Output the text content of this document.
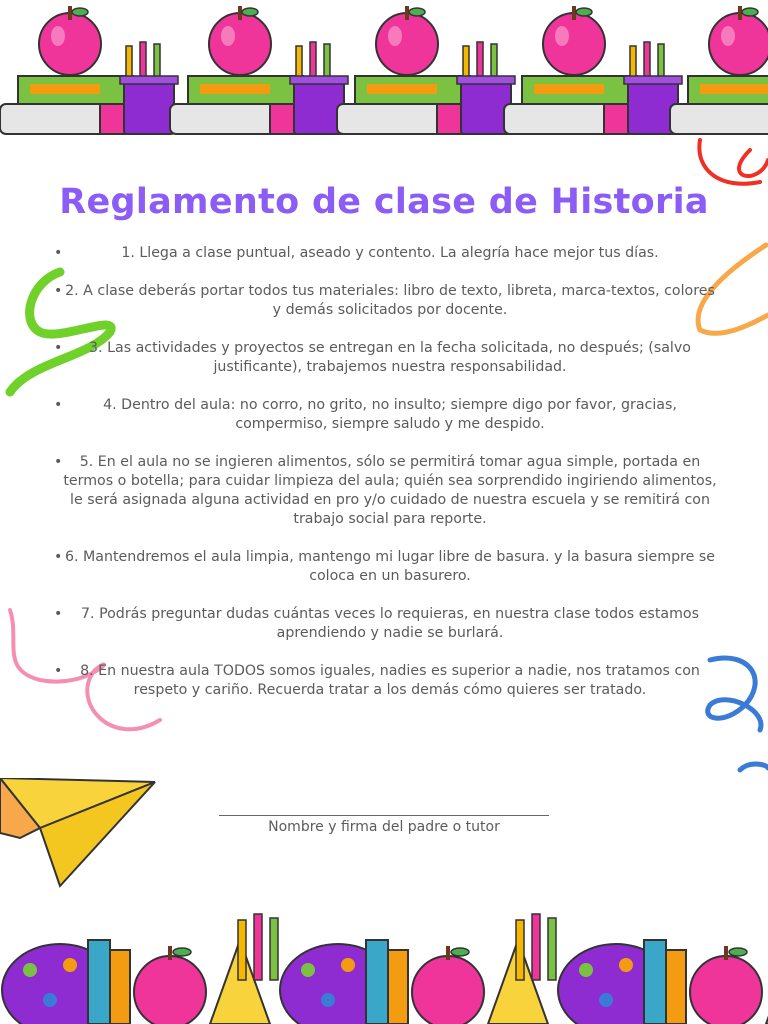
Reglamento de clase de Historia
•	1. Llega a clase puntual, aseado y contento. La alegría hace mejor tus días.
• 2. A clase deberás portar todos tus materiales: libro de texto, libreta, marca-textos, colores y demás solicitados por docente.
• 3. Las actividades y proyectos se entregan en la fecha solicitada, no después; (salvo justificante), trabajemos nuestra responsabilidad.
•	4. Dentro del aula: no corro, no grito, no insulto; siempre digo por favor, gracias, compermiso, siempre saludo y me despido.
• 5. En el aula no se ingieren alimentos, sólo se permitirá tomar agua simple, portada en termos o botella; para cuidar limpieza del aula; quién sea sorprendido ingiriendo alimentos, le será asignada alguna actividad en pro y/o cuidado de nuestra escuela y se remitirá con trabajo social para reporte.
• 6. Mantendremos el aula limpia, mantengo mi lugar libre de basura. y la basura siempre se coloca en un basurero.
• 7. Podrás preguntar dudas cuántas veces lo requieras, en nuestra clase todos estamos aprendiendo y nadie se burlará.
• 8. En nuestra aula TODOS somos iguales, nadies es superior a nadie, nos tratamos con respeto y cariño. Recuerda tratar a los demás cómo quieres ser tratado.
Nombre y firma del padre o tutor
